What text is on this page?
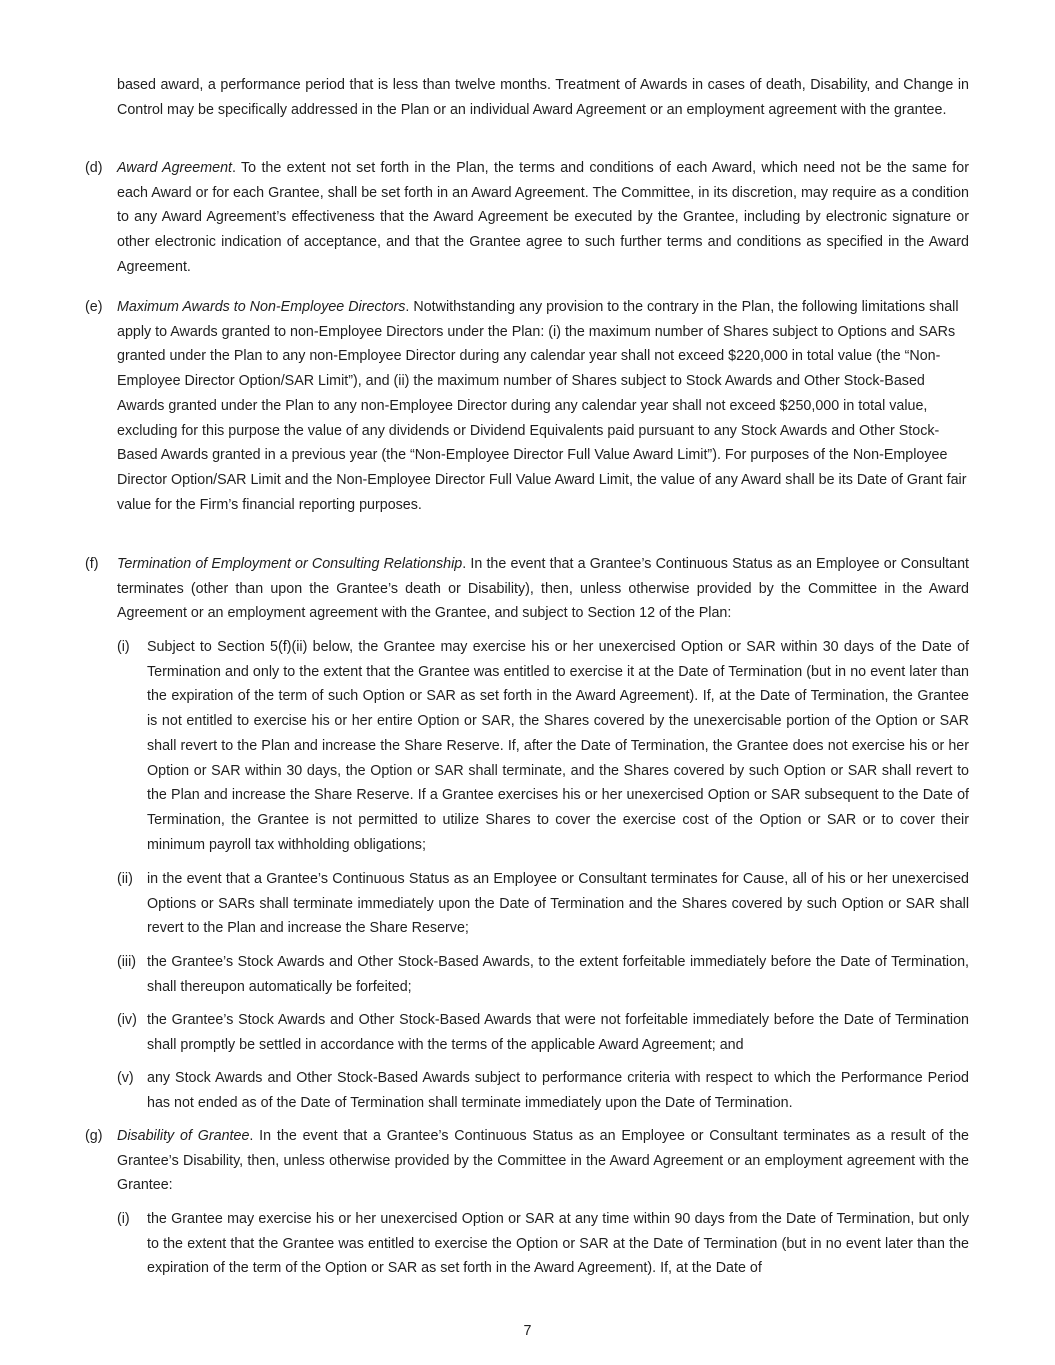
based award, a performance period that is less than twelve months. Treatment of Awards in cases of death, Disability, and Change in Control may be specifically addressed in the Plan or an individual Award Agreement or an employment agreement with the grantee.
(d) Award Agreement. To the extent not set forth in the Plan, the terms and conditions of each Award, which need not be the same for each Award or for each Grantee, shall be set forth in an Award Agreement. The Committee, in its discretion, may require as a condition to any Award Agreement’s effectiveness that the Award Agreement be executed by the Grantee, including by electronic signature or other electronic indication of acceptance, and that the Grantee agree to such further terms and conditions as specified in the Award Agreement.
(e) Maximum Awards to Non-Employee Directors. Notwithstanding any provision to the contrary in the Plan, the following limitations shall apply to Awards granted to non-Employee Directors under the Plan: (i) the maximum number of Shares subject to Options and SARs granted under the Plan to any non-Employee Director during any calendar year shall not exceed $220,000 in total value (the “Non-Employee Director Option/SAR Limit”), and (ii) the maximum number of Shares subject to Stock Awards and Other Stock-Based Awards granted under the Plan to any non-Employee Director during any calendar year shall not exceed $250,000 in total value, excluding for this purpose the value of any dividends or Dividend Equivalents paid pursuant to any Stock Awards and Other Stock-Based Awards granted in a previous year (the “Non-Employee Director Full Value Award Limit”). For purposes of the Non-Employee Director Option/SAR Limit and the Non-Employee Director Full Value Award Limit, the value of any Award shall be its Date of Grant fair value for the Firm’s financial reporting purposes.
(f) Termination of Employment or Consulting Relationship. In the event that a Grantee’s Continuous Status as an Employee or Consultant terminates (other than upon the Grantee’s death or Disability), then, unless otherwise provided by the Committee in the Award Agreement or an employment agreement with the Grantee, and subject to Section 12 of the Plan:
(i) Subject to Section 5(f)(ii) below, the Grantee may exercise his or her unexercised Option or SAR within 30 days of the Date of Termination and only to the extent that the Grantee was entitled to exercise it at the Date of Termination (but in no event later than the expiration of the term of such Option or SAR as set forth in the Award Agreement). If, at the Date of Termination, the Grantee is not entitled to exercise his or her entire Option or SAR, the Shares covered by the unexercisable portion of the Option or SAR shall revert to the Plan and increase the Share Reserve. If, after the Date of Termination, the Grantee does not exercise his or her Option or SAR within 30 days, the Option or SAR shall terminate, and the Shares covered by such Option or SAR shall revert to the Plan and increase the Share Reserve. If a Grantee exercises his or her unexercised Option or SAR subsequent to the Date of Termination, the Grantee is not permitted to utilize Shares to cover the exercise cost of the Option or SAR or to cover their minimum payroll tax withholding obligations;
(ii) in the event that a Grantee’s Continuous Status as an Employee or Consultant terminates for Cause, all of his or her unexercised Options or SARs shall terminate immediately upon the Date of Termination and the Shares covered by such Option or SAR shall revert to the Plan and increase the Share Reserve;
(iii) the Grantee’s Stock Awards and Other Stock-Based Awards, to the extent forfeitable immediately before the Date of Termination, shall thereupon automatically be forfeited;
(iv) the Grantee’s Stock Awards and Other Stock-Based Awards that were not forfeitable immediately before the Date of Termination shall promptly be settled in accordance with the terms of the applicable Award Agreement; and
(v) any Stock Awards and Other Stock-Based Awards subject to performance criteria with respect to which the Performance Period has not ended as of the Date of Termination shall terminate immediately upon the Date of Termination.
(g) Disability of Grantee. In the event that a Grantee’s Continuous Status as an Employee or Consultant terminates as a result of the Grantee’s Disability, then, unless otherwise provided by the Committee in the Award Agreement or an employment agreement with the Grantee:
(i) the Grantee may exercise his or her unexercised Option or SAR at any time within 90 days from the Date of Termination, but only to the extent that the Grantee was entitled to exercise the Option or SAR at the Date of Termination (but in no event later than the expiration of the term of the Option or SAR as set forth in the Award Agreement). If, at the Date of
7
